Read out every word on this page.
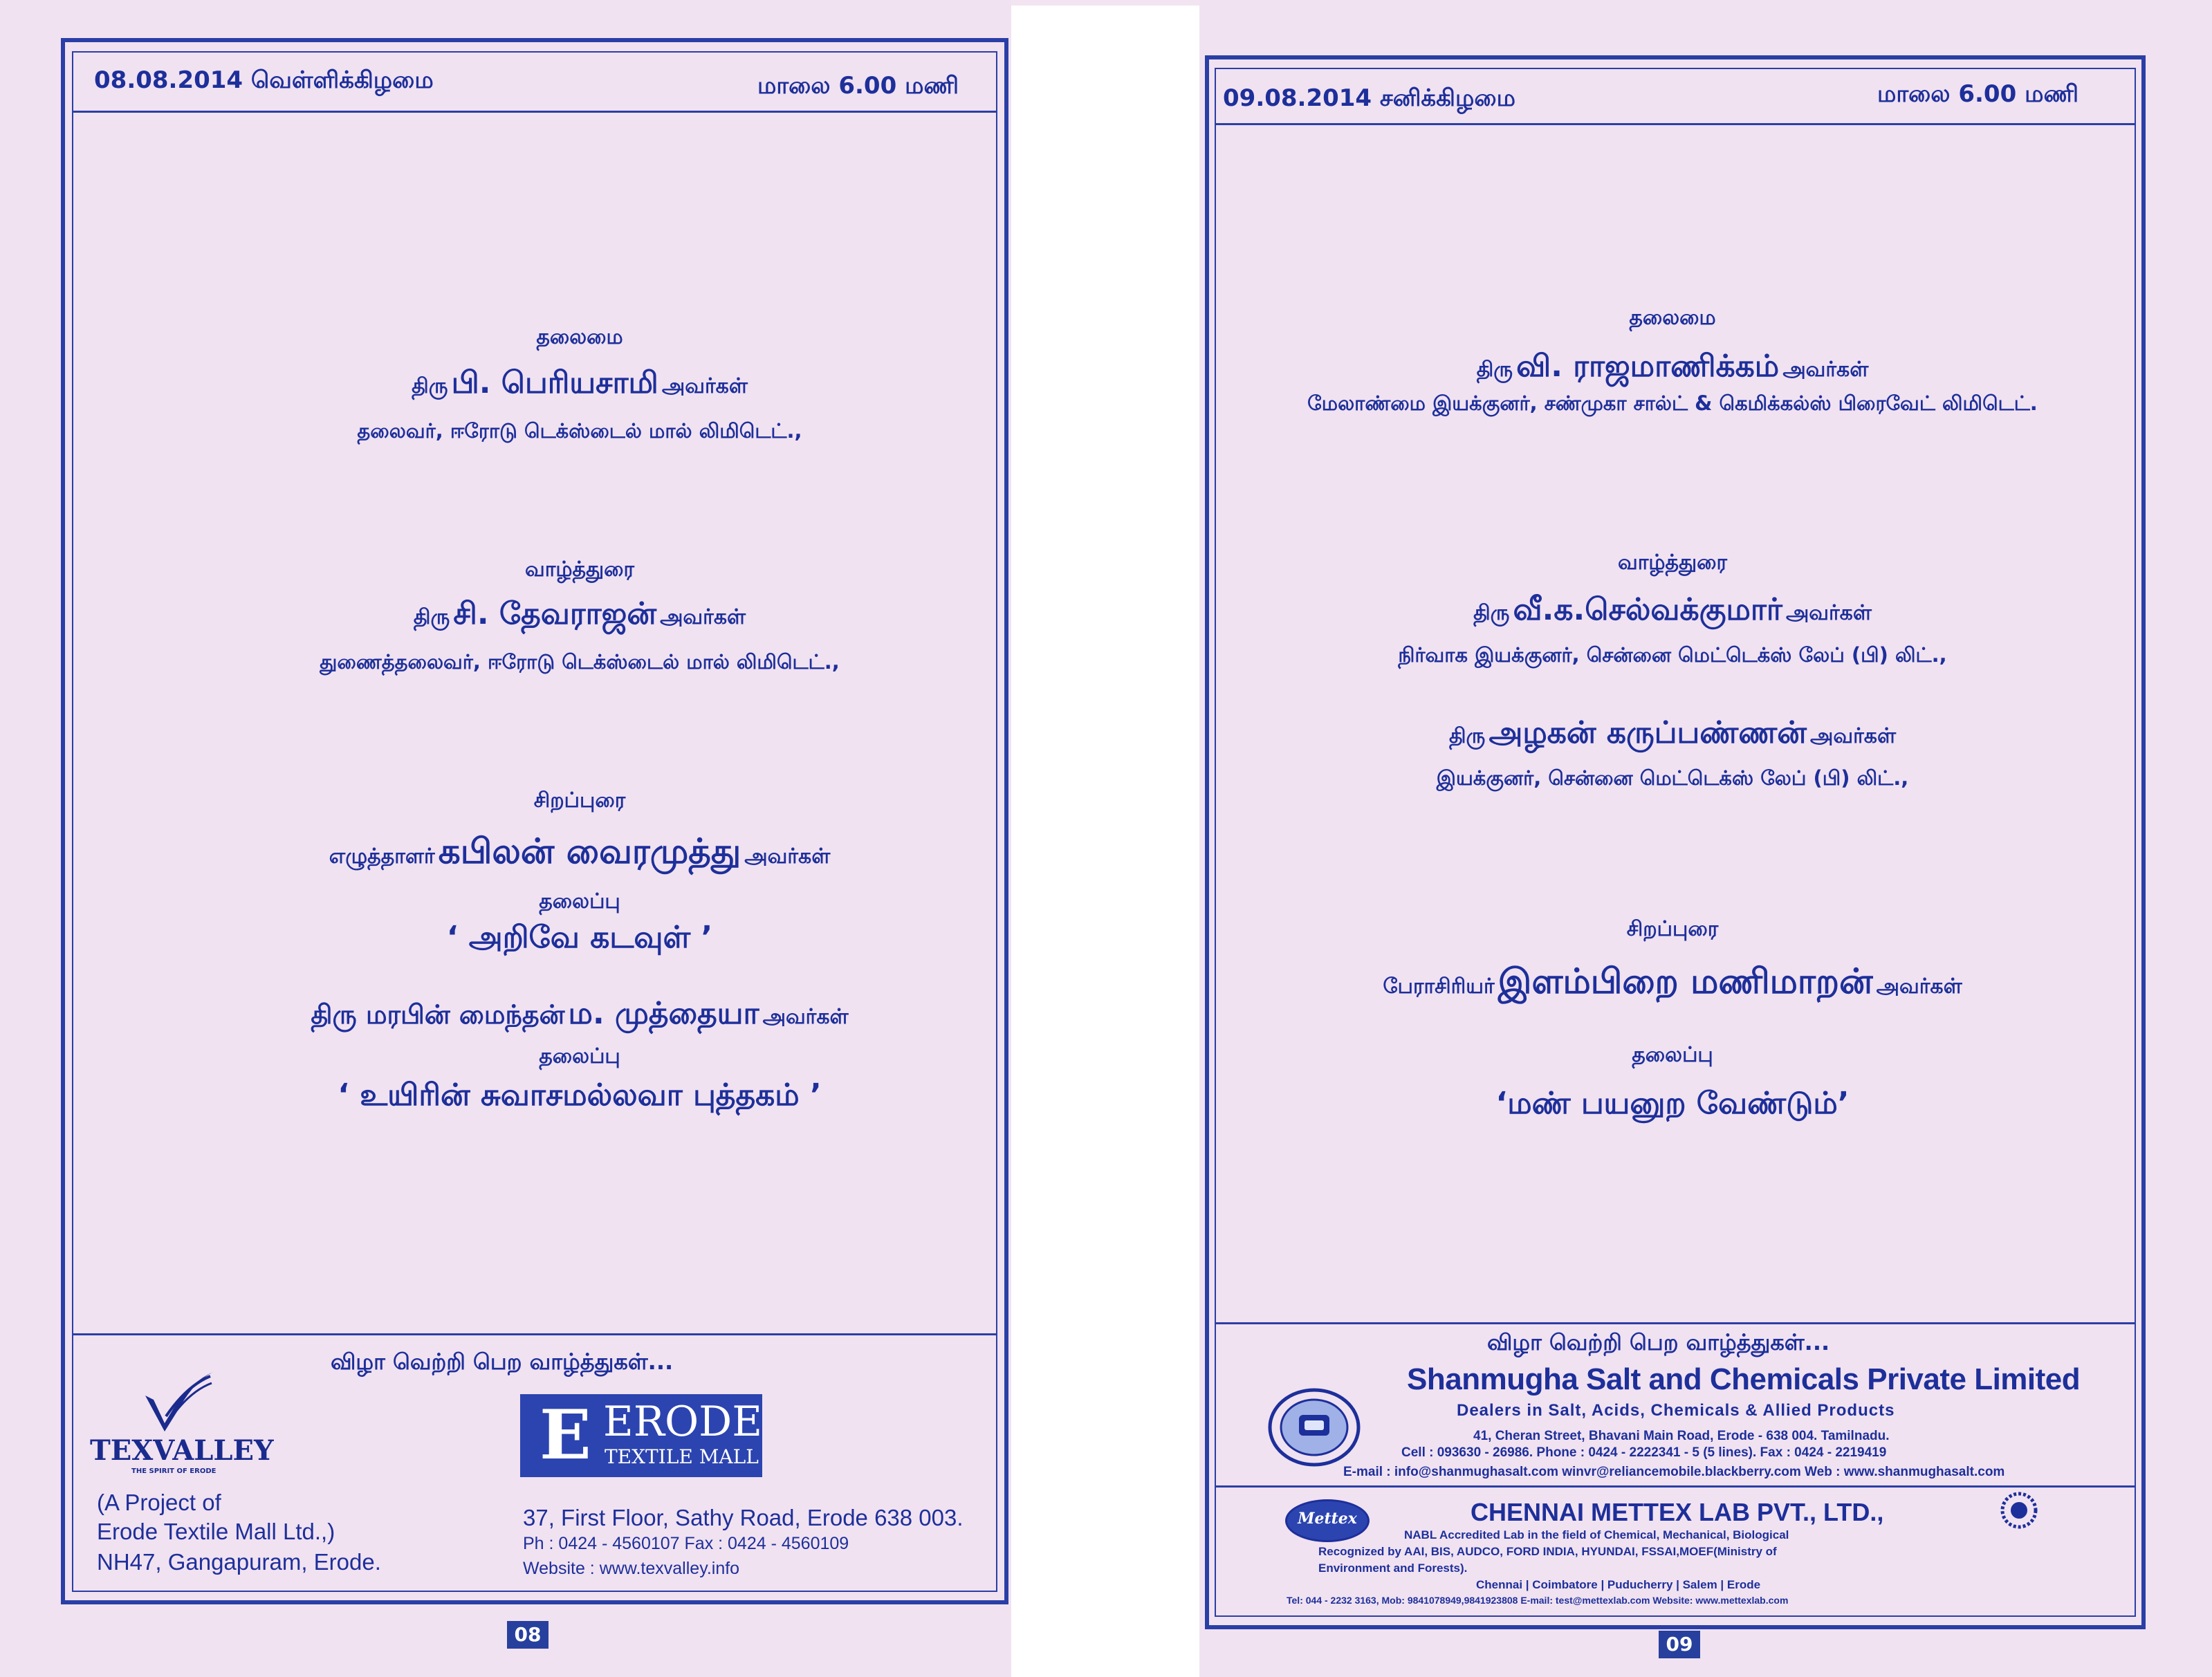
08.08.2014 வெள்ளிக்கிழமை	மாலை 6.00 மணி
தலைமை
திரு பி. பெரியசாமி அவர்கள்
தலைவர், ஈரோடு டெக்ஸ்டைல் மால் லிமிடெட்.,
வாழ்த்துரை
திரு சி. தேவராஜன் அவர்கள்
துணைத்தலைவர், ஈரோடு டெக்ஸ்டைல் மால் லிமிடெட்.,
சிறப்புரை
எழுத்தாளர் கபிலன் வைரமுத்து அவர்கள்
தலைப்பு
‘ அறிவே கடவுள் ’
திரு மரபின் மைந்தன் ம. முத்தையா அவர்கள்
தலைப்பு
‘ உயிரின் சுவாசமல்லவா புத்தகம் ’
விழா வெற்றி பெற வாழ்த்துகள்...
TEXVALLEY
THE SPIRIT OF ERODE
(A Project of
Erode Textile Mall Ltd.,)
NH47, Gangapuram, Erode.
E ERODE
TEXTILE MALL
37, First Floor, Sathy Road, Erode 638 003.
Ph : 0424 - 4560107 Fax : 0424 - 4560109
Website : www.texvalley.info
08
09.08.2014 சனிக்கிழமை	மாலை 6.00 மணி
தலைமை
திரு வி. ராஜமாணிக்கம் அவர்கள்
மேலாண்மை இயக்குனர், சண்முகா சால்ட் & கெமிக்கல்ஸ் பிரைவேட் லிமிடெட்.
வாழ்த்துரை
திரு வீ.க.செல்வக்குமார் அவர்கள்
நிர்வாக இயக்குனர், சென்னை மெட்டெக்ஸ் லேப் (பி) லிட்.,
திரு அழகன் கருப்பண்ணன் அவர்கள்
இயக்குனர், சென்னை மெட்டெக்ஸ் லேப் (பி) லிட்.,
சிறப்புரை
பேராசிரியர் இளம்பிறை மணிமாறன் அவர்கள்
தலைப்பு
‘மண் பயனுற வேண்டும்’
விழா வெற்றி பெற வாழ்த்துகள்...
Shanmugha Salt and Chemicals Private Limited
Dealers in Salt, Acids, Chemicals & Allied Products
41, Cheran Street, Bhavani Main Road, Erode - 638 004. Tamilnadu.
Cell : 093630 - 26986. Phone : 0424 - 2222341 - 5 (5 lines). Fax : 0424 - 2219419
E-mail : info@shanmughasalt.com winvr@reliancemobile.blackberry.com Web : www.shanmughasalt.com
Mettex	CHENNAI METTEX LAB PVT., LTD.,
NABL Accredited Lab in the field of Chemical, Mechanical, Biological
Recognized by AAI, BIS, AUDCO, FORD INDIA, HYUNDAI, FSSAI,MOEF(Ministry of
Environment and Forests).
Chennai | Coimbatore | Puducherry | Salem | Erode
Tel: 044 - 2232 3163, Mob: 9841078949,9841923808 E-mail: test@mettexlab.com Website: www.mettexlab.com
09
